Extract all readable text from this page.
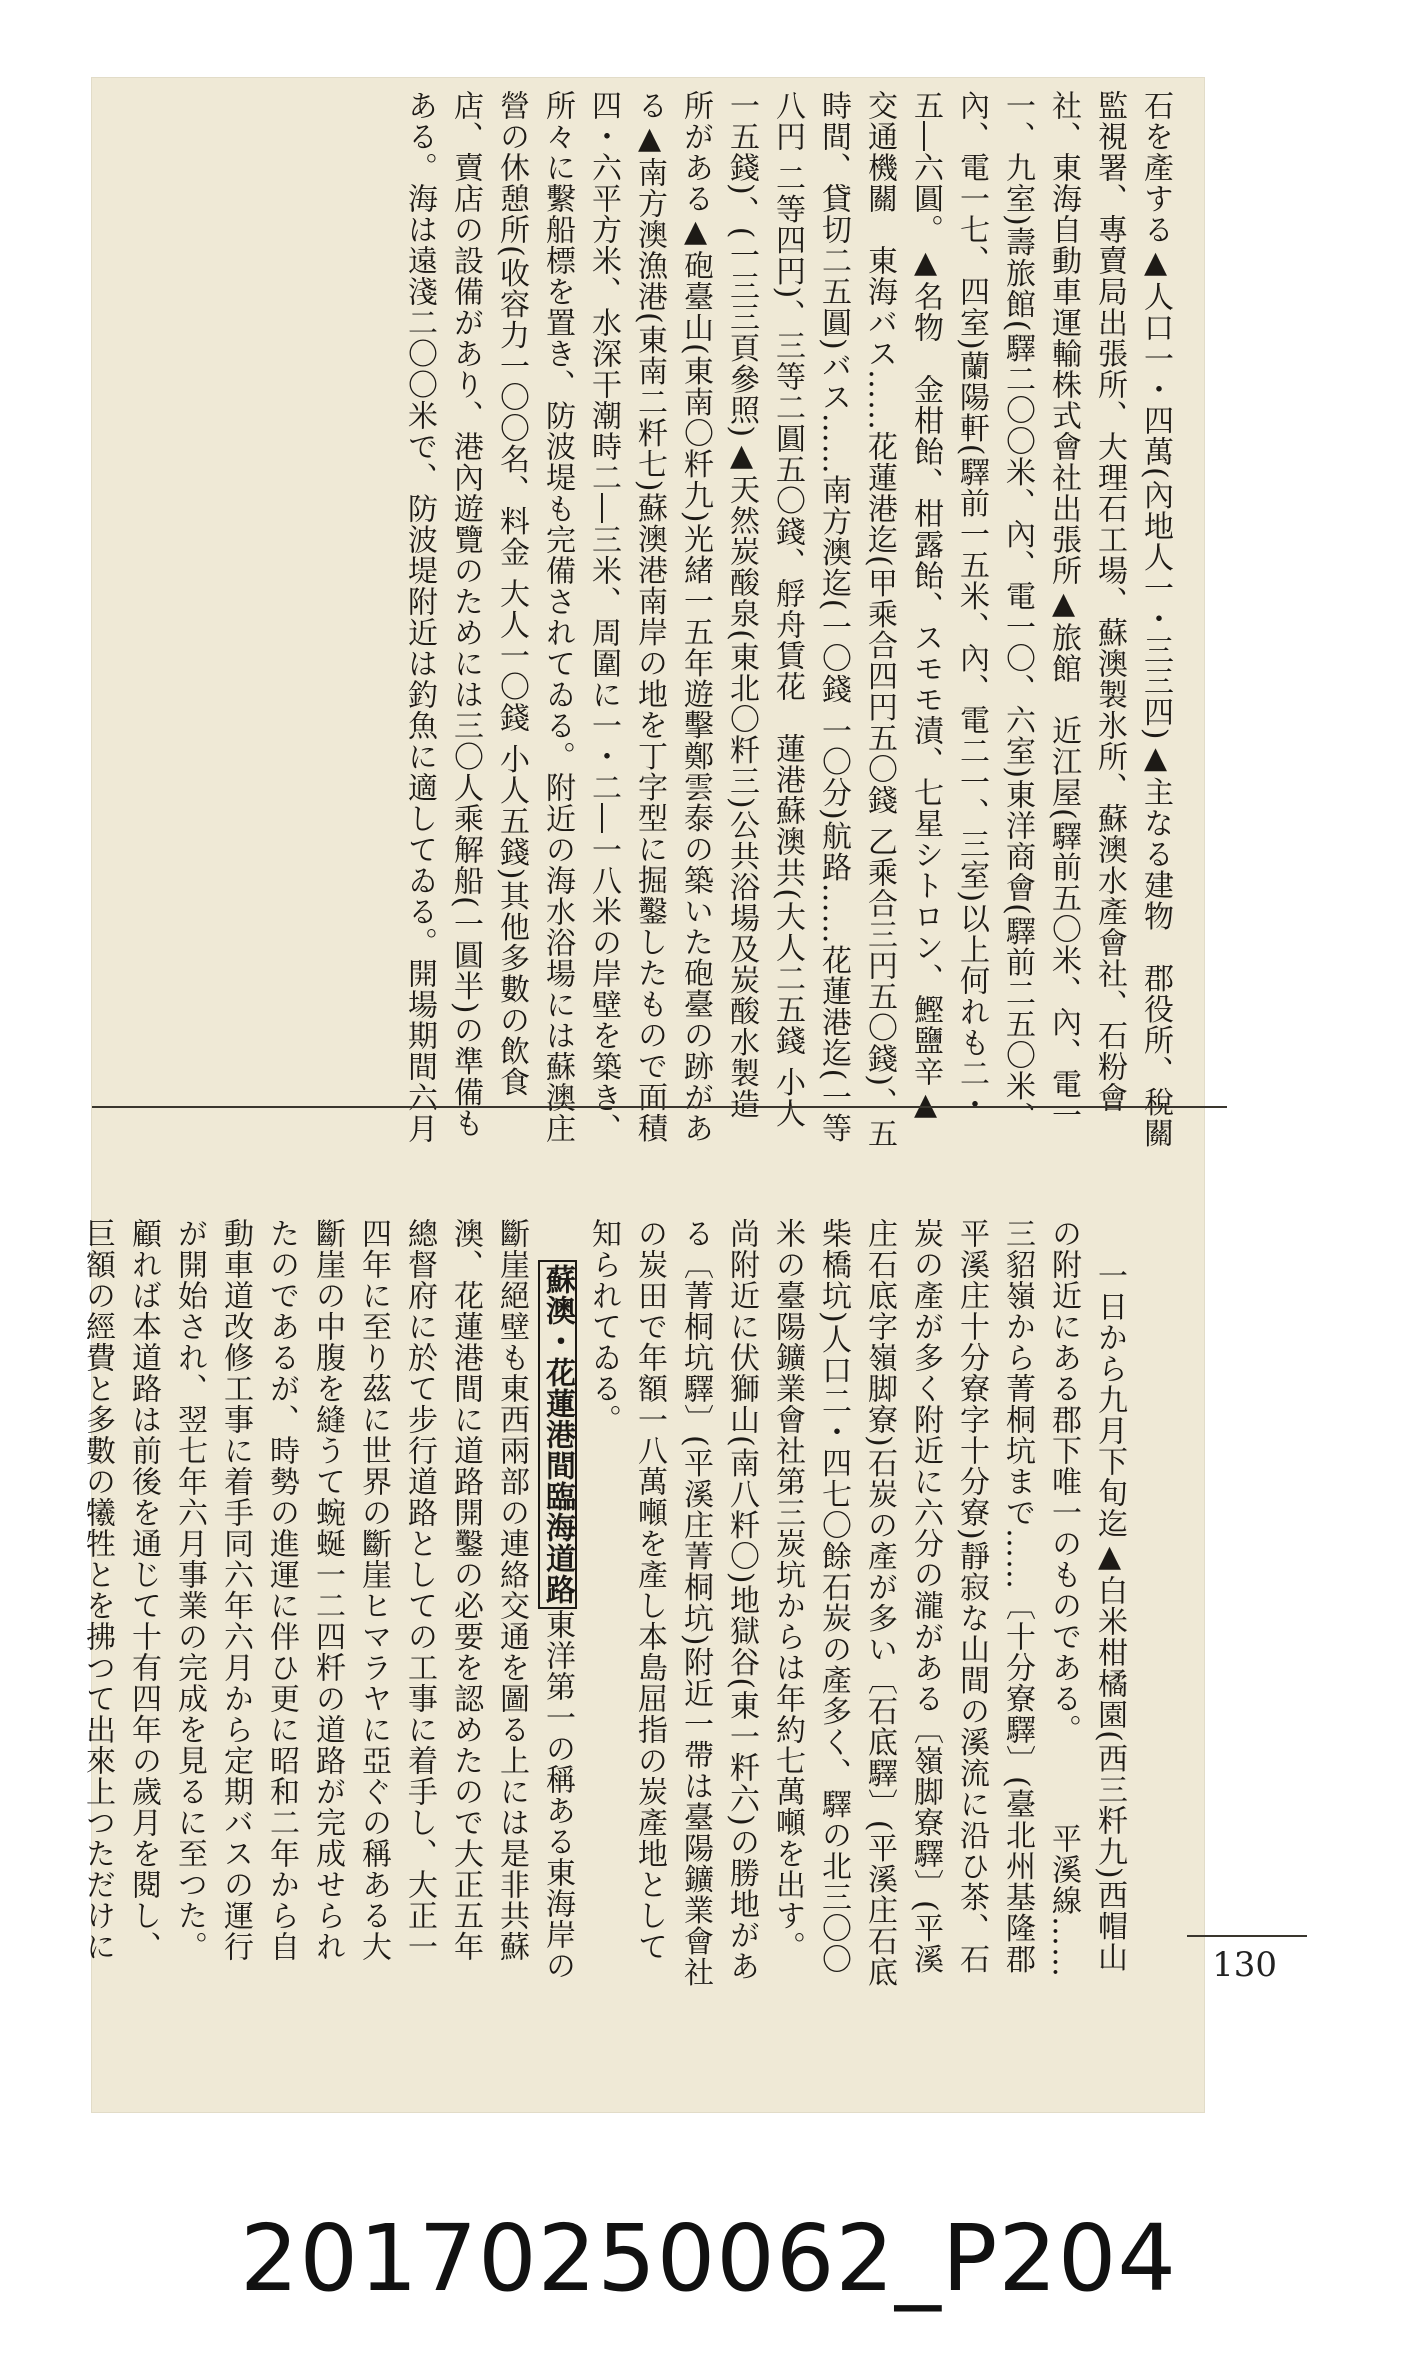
石を產する▲人口一・四萬(內地人一・三三四)▲主なる建物　郡役所、稅關監視署、專賣局出張所、大理石工場、蘇澳製氷所、蘇澳水產會社、石粉會社、東海自動車運輸株式會社出張所▲旅館　近江屋(驛前五〇米、內、電一一、九室)壽旅館(驛二〇〇米、內、電一〇、六室)東洋商會(驛前二五〇米、內、電一七、四室)蘭陽軒(驛前一五米、內、電二一、三室)以上何れも二・五―六圓。▲名物　金柑飴、柑露飴、スモモ漬、七星シトロン、鰹鹽辛▲交通機關　東海バス……花蓮港迄(甲乘合四円五〇錢 乙乘合三円五〇錢)、五時間、貸切二五圓)バス……南方澳迄(一〇錢 一〇分)航路……花蓮港迄(一等八円 二等四円)、三等二圓五〇錢、艀舟賃花　蓮港蘇澳共(大人二五錢 小人一五錢)、(一三三頁參照)▲天然炭酸泉(東北〇粁三)公共浴場及炭酸水製造所がある▲砲臺山(東南〇粁九)光緒一五年遊擊鄭雲泰の築いた砲臺の跡がある▲南方澳漁港(東南二粁七)蘇澳港南岸の地を丁字型に掘鑿したもので面積四・六平方米、水深干潮時二―三米、周圍に一・二―一八米の岸壁を築き、所々に繫船標を置き、防波堤も完備されてゐる。附近の海水浴場には蘇澳庄營の休憩所(收容力一〇〇名、料金 大人一〇錢 小人五錢)其他多數の飲食店、賣店の設備があり、港內遊覽のためには三〇人乘解船(一圓半)の準備もある。海は遠淺二〇〇米で、防波堤附近は釣魚に適してゐる。開場期間六月

一日から九月下旬迄▲白米柑橘園(西三粁九)西帽山の附近にある郡下唯一のものである。　　　平溪線……三貂嶺から菁桐坑まで……〔十分寮驛〕(臺北州基隆郡平溪庄十分寮字十分寮)靜寂な山間の溪流に沿ひ茶、石炭の產が多く附近に六分の瀧がある〔嶺脚寮驛〕(平溪庄石底字嶺脚寮)石炭の產が多い〔石底驛〕(平溪庄石底柴橋坑)人口二・四七〇餘石炭の產多く、驛の北三〇〇米の臺陽鑛業會社第三炭坑からは年約七萬噸を出す。尚附近に伏獅山(南八粁〇)地獄谷(東一粁六)の勝地がある〔菁桐坑驛〕(平溪庄菁桐坑)附近一帶は臺陽鑛業會社の炭田で年額一八萬噸を產し本島屈指の炭產地として知られてゐる。
蘇澳・花蓮港間臨海道路東洋第一の稱ある東海岸の斷崖絕壁も東西兩部の連絡交通を圖る上には是非共蘇澳、花蓮港間に道路開鑿の必要を認めたので大正五年總督府に於て步行道路としての工事に着手し、大正一四年に至り茲に世界の斷崖ヒマラヤに亞ぐの稱ある大斷崖の中腹を縫うて蜿蜒一二四粁の道路が完成せられたのであるが、時勢の進運に伴ひ更に昭和二年から自動車道改修工事に着手同六年六月から定期バスの運行が開始され、翌七年六月事業の完成を見るに至つた。顧れば本道路は前後を通じて十有四年の歲月を閱し、巨額の經費と多數の犧牲とを拂つて出來上つただけに

130
20170250062_P204
